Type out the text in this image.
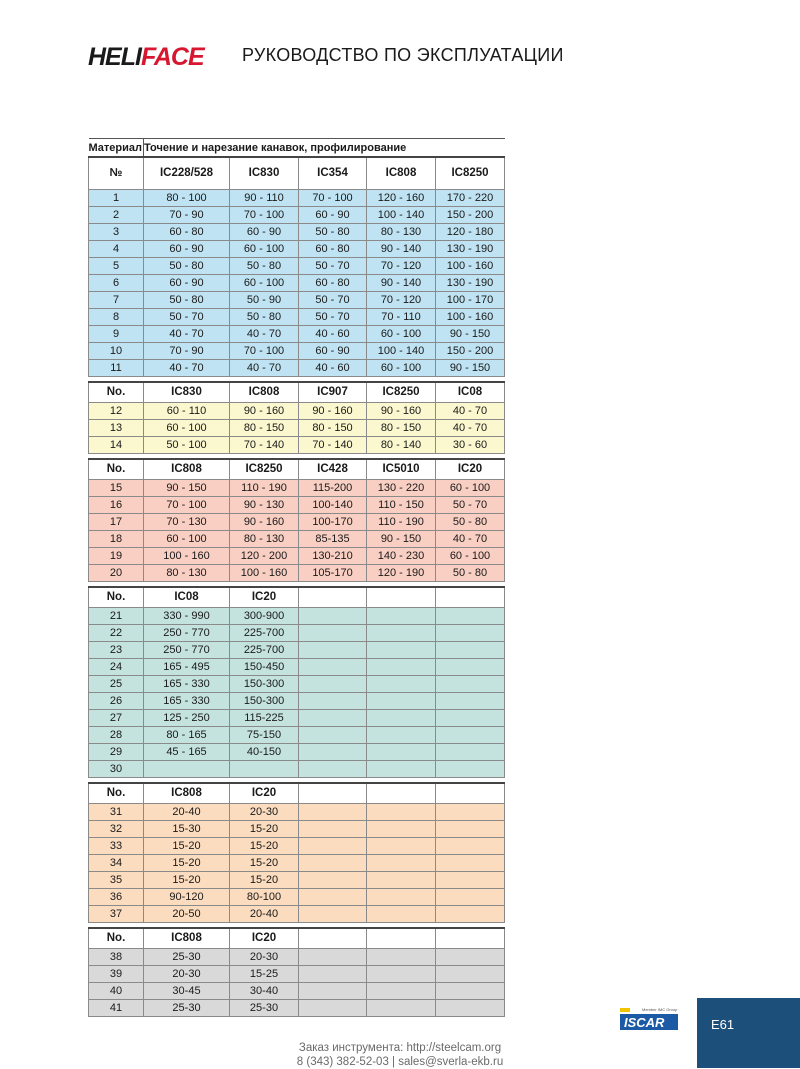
HELIFACE РУКОВОДСТВО ПО ЭКСПЛУАТАЦИИ
Материал	Точение и нарезание канавок, профилирование				
№	IC228/528	IC830	IC354	IC808	IC8250
1	80 - 100	90 - 110	70 - 100	120 - 160	170 - 220
2	70 - 90	70 - 100	60 - 90	100 - 140	150 - 200
3	60 - 80	60 - 90	50 - 80	80 - 130	120 - 180
4	60 - 90	60 - 100	60 - 80	90 - 140	130 - 190
5	50 - 80	50 - 80	50 - 70	70 - 120	100 - 160
6	60 - 90	60 - 100	60 - 80	90 - 140	130 - 190
7	50 - 80	50 - 90	50 - 70	70 - 120	100 - 170
8	50 - 70	50 - 80	50 - 70	70 - 110	100 - 160
9	40 - 70	40 - 70	40 - 60	60 - 100	90 - 150
10	70 - 90	70 - 100	60 - 90	100 - 140	150 - 200
11	40 - 70	40 - 70	40 - 60	60 - 100	90 - 150

No.	IC830	IC808	IC907	IC8250	IC08
12	60 - 110	90 - 160	90 - 160	90 - 160	40 - 70
13	60 - 100	80 - 150	80 - 150	80 - 150	40 - 70
14	50 - 100	70 - 140	70 - 140	80 - 140	30 - 60

No.	IC808	IC8250	IC428	IC5010	IC20
15	90 - 150	110 - 190	115-200	130 - 220	60 - 100
16	70 - 100	90 - 130	100-140	110 - 150	50 - 70
17	70 - 130	90 - 160	100-170	110 - 190	50 - 80
18	60 - 100	80 - 130	85-135	90 - 150	40 - 70
19	100 - 160	120 - 200	130-210	140 - 230	60 - 100
20	80 - 130	100 - 160	105-170	120 - 190	50 - 80

No.	IC08	IC20			
21	330 - 990	300-900			
22	250 - 770	225-700			
23	250 - 770	225-700			
24	165 - 495	150-450			
25	165 - 330	150-300			
26	165 - 330	150-300			
27	125 - 250	115-225			
28	80 - 165	75-150			
29	45 - 165	40-150			
30					

No.	IC808	IC20			
31	20-40	20-30			
32	15-30	15-20			
33	15-20	15-20			
34	15-20	15-20			
35	15-20	15-20			
36	90-120	80-100			
37	20-50	20-40			

No.	IC808	IC20			
38	25-30	20-30			
39	20-30	15-25			
40	30-45	30-40			
41	25-30	25-30			
Заказ инструмента: http://steelcam.org
8 (343) 382-52-03 | sales@sverla-ekb.ru
Member IMC Group
ISCAR	E61
